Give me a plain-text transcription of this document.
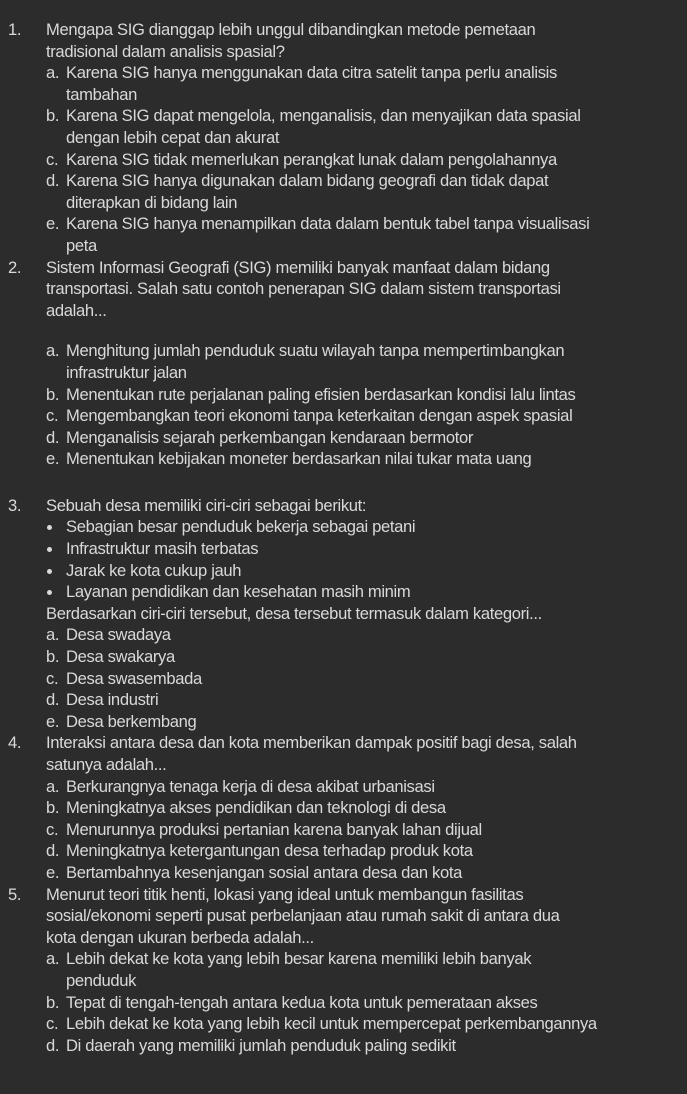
1. Mengapa SIG dianggap lebih unggul dibandingkan metode pemetaan
tradisional dalam analisis spasial?
a. Karena SIG hanya menggunakan data citra satelit tanpa perlu analisis
tambahan
b. Karena SIG dapat mengelola, menganalisis, dan menyajikan data spasial
dengan lebih cepat dan akurat
c. Karena SIG tidak memerlukan perangkat lunak dalam pengolahannya
d. Karena SIG hanya digunakan dalam bidang geografi dan tidak dapat
diterapkan di bidang lain
e. Karena SIG hanya menampilkan data dalam bentuk tabel tanpa visualisasi
peta
2. Sistem Informasi Geografi (SIG) memiliki banyak manfaat dalam bidang
transportasi. Salah satu contoh penerapan SIG dalam sistem transportasi
adalah...
a. Menghitung jumlah penduduk suatu wilayah tanpa mempertimbangkan
infrastruktur jalan
b. Menentukan rute perjalanan paling efisien berdasarkan kondisi lalu lintas
c. Mengembangkan teori ekonomi tanpa keterkaitan dengan aspek spasial
d. Menganalisis sejarah perkembangan kendaraan bermotor
e. Menentukan kebijakan moneter berdasarkan nilai tukar mata uang
3. Sebuah desa memiliki ciri-ciri sebagai berikut:
Sebagian besar penduduk bekerja sebagai petani
Infrastruktur masih terbatas
Jarak ke kota cukup jauh
Layanan pendidikan dan kesehatan masih minim
Berdasarkan ciri-ciri tersebut, desa tersebut termasuk dalam kategori...
a. Desa swadaya
b. Desa swakarya
c. Desa swasembada
d. Desa industri
e. Desa berkembang
4. Interaksi antara desa dan kota memberikan dampak positif bagi desa, salah
satunya adalah...
a. Berkurangnya tenaga kerja di desa akibat urbanisasi
b. Meningkatnya akses pendidikan dan teknologi di desa
c. Menurunnya produksi pertanian karena banyak lahan dijual
d. Meningkatnya ketergantungan desa terhadap produk kota
e. Bertambahnya kesenjangan sosial antara desa dan kota
5. Menurut teori titik henti, lokasi yang ideal untuk membangun fasilitas
sosial/ekonomi seperti pusat perbelanjaan atau rumah sakit di antara dua
kota dengan ukuran berbeda adalah...
a. Lebih dekat ke kota yang lebih besar karena memiliki lebih banyak
penduduk
b. Tepat di tengah-tengah antara kedua kota untuk pemerataan akses
c. Lebih dekat ke kota yang lebih kecil untuk mempercepat perkembangannya
d. Di daerah yang memiliki jumlah penduduk paling sedikit
